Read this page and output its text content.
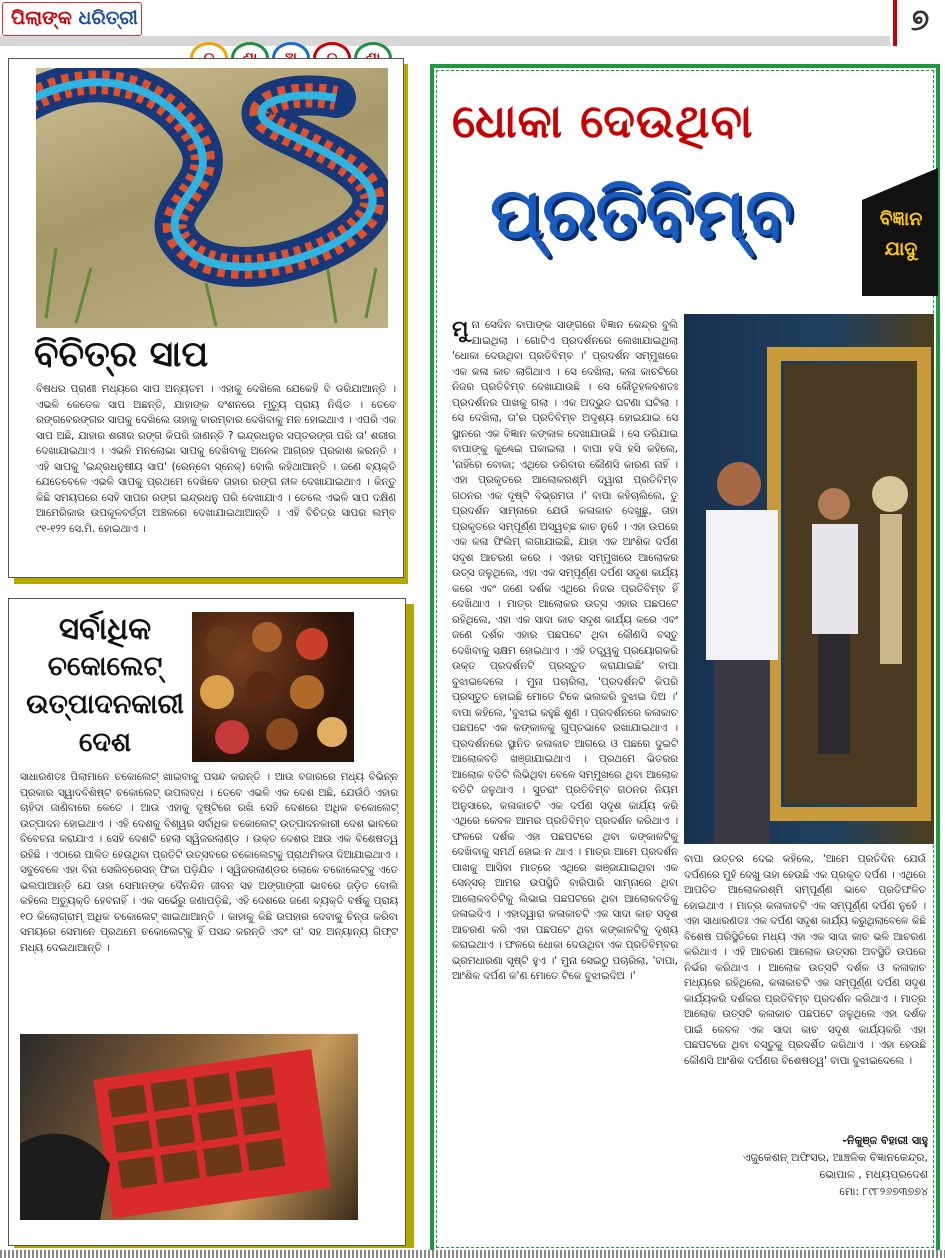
ପିଲାଙ୍କ ଧରିତ୍ରୀ	୭
ବିଚିତ୍ର ସାପ
ବିଷଧର ପ୍ରାଣୀ ମଧ୍ୟରେ ସାପ ଅନ୍ୟତମ । ଏହାକୁ ଦେଖିଲେ ଯେକେହି ବି ଡରିଯାଆନ୍ତି । ଏଭଳି କେତେକ ସାପ ଅଛନ୍ତି, ଯାହାଙ୍କ ଦଂଶନରେ ମୃତ୍ୟୁ ପ୍ରାୟ ନିଶ୍ଚିତ । ତେବେ ରଙ୍ଗବେରଙ୍ଗର ସାପକୁ ଦେଖିଲେ ତାହାକୁ ବାରମ୍ବାର ଦେଖିବାକୁ ମନ ହୋଇଥାଏ । ଏପରି ଏକ ସାପ ଅଛି, ଯାହାର ଶରୀର ରଙ୍ଗ କିପରି ଜାଣନ୍ତି ? ଇନ୍ଦ୍ରଧନୁର ସପ୍ତରଙ୍ଗ ପରି ତା' ଶରୀର ଦେଖାଯାଇଥାଏ । ଏଭଳି ମନଲୋଭା ସାପକୁ ଦେଖିବାକୁ ଅନେକ ଆଗ୍ରହ ପ୍ରକାଶ କରନ୍ତି । ଏହି ସାପକୁ 'ଇନ୍ଦ୍ରଧନୁଷୀୟ ସାପ' (ରେନ୍‌ବୋ ସ୍ନେକ୍) ବୋଲି କହିଥାଆନ୍ତି । ଜଣେ ବ୍ୟକ୍ତି ଯେତେବେଳେ ଏଭଳି ସାପକୁ ପ୍ରଥମେ ଦେଖିବେ ତାହାର ରଙ୍ଗ ନୀଳ ଦେଖାଯାଇଥାଏ । କିନ୍ତୁ କିଛି ସମୟପରେ ସେହି ସାପର ରଙ୍ଗ ଇନ୍ଦ୍ରଧନୁ ପରି ଦେଖାଯାଏ । ତେଲେ ଏଭଳି ସାପ ଦକ୍ଷିଣ ଆମେରିକାର ଉପକୂଳବର୍ତ୍ତୀ ଅଞ୍ଚଳରେ ଦେଖାଯାଇଥାଆନ୍ତି । ଏହି ବିଚିତ୍ର ସାପର ଲମ୍ବ ୯୧-୧୨୨ ସେ.ମି. ହୋଇଥାଏ ।
ସର୍ବାଧିକ
ଚକୋଲେଟ୍
ଉତ୍ପାଦନକାରୀ
ଦେଶ
ସାଧାରଣତଃ ପିଲାମାନେ ଚକୋଲେଟ୍ ଖାଇବାକୁ ପସନ୍ଦ କରନ୍ତି । ଆଉ ବଜାରରେ ମଧ୍ୟ ବିଭିନ୍ନ ପ୍ରକାର ସ୍ୱାଦବିଶିଷ୍ଟ ଚକୋଲେଟ୍ ଉପଲବ୍ଧ । ତେବେ ଏଭଳି ଏକ ଦେଶ ଅଛି, ଯେଉଁଠି ଏହାର ଚାହିଦା ଜାଣିବାରେ କେତେ । ଆଉ ଏହାକୁ ଦୃଷ୍ଟିରେ ରଖି ସେହି ଦେଶରେ ଅଧିକ ଚକୋଲେଟ୍ ଉତ୍ପାଦନ ହୋଇଥାଏ । ଏହି ଦେଶକୁ ବିଶ୍ୱର ସର୍ବାଧିକ ଚକୋଲେଟ୍ ଉତ୍ପାଦନକାରୀ ଦେଶ ଭାବରେ ବିବେଚନା କରାଯାଏ । ସେହି ଦେଶଟି ହେଲା ସ୍ୱିଜରଲାଣ୍ଡ । ଉକ୍ତ ଦେଶର ଆଉ ଏକ ବିଶେଷତ୍ୱ ରହିଛି । ଏଠାରେ ପାଳିତ ହେଉଥିବା ପ୍ରତିଟି ଉତ୍ସବରେ ଚକୋଲେଟ୍‌କୁ ପ୍ରାଥମିକତା ଦିଆଯାଇଥାଏ । ସବୁବେଳେ ଏହା ବିନା ସେଲିବ୍ରେସନ୍ ଫିକା ପଡ଼ିଯିବ । ସ୍ୱିଜରଲାଣ୍ଡର ଲୋକେ ଚକୋଲେଟ୍‌କୁ ଏତେ ଭଲପାଆନ୍ତି ଯେ ତାହା ସେମାନଙ୍କ ଦୈନନ୍ଦିନ ଜୀବନ ସହ ଅଙ୍ଗାଙ୍ଗୀ ଭାବରେ ଜଡ଼ିତ ବୋଲି କହିଲେ ଅତ୍ୟୁକ୍ତି ହେବନାହିଁ । ଏକ ସର୍ଭେରୁ ଜଣାପଡ଼ିଛି, ଏହି ଦେଶରେ ଜଣେ ବ୍ୟକ୍ତି ବର୍ଷକୁ ପ୍ରାୟ ୧୦ କିଲୋଗ୍ରାମ୍ ଅଧିକ ଚକୋଲେଟ୍ ଖାଇଥାଆନ୍ତି । କାହାକୁ କିଛି ଉପହାର ଦେବାକୁ ଚିନ୍ତା କରିବା ସମୟରେ ସେମାନେ ପ୍ରଥମେ ଚକୋଲେଟ୍‌କୁ ହିଁ ପସନ୍ଦ କରନ୍ତି ଏବଂ ତା' ସହ ଅନ୍ୟାନ୍ୟ ଗିଫ୍ଟ ମଧ୍ୟ ଦେଇଥାଆନ୍ତି ।
ଧୋକା ଦେଉଥିବା
ପ୍ରତିବିମ୍ବ	ବିଜ୍ଞାନ
ଯାଦୁ
ମୁନା ସେଦିନ ବାପାଙ୍କ ସାଙ୍ଗରେ ବିଜ୍ଞାନ କେନ୍ଦ୍ର ବୁଲି ଯାଇଥିଲା । ଗୋଟିଏ ପ୍ରଦର୍ଶନରେ ଲେଖାଯାଇଥିଲା 'ଧୋକା ଦେଉଥିବା ପ୍ରତିବିମ୍ବ ।' ପ୍ରଦର୍ଶନ ସମ୍ମୁଖରେ ଏକ କଳା କାଚ ଲାଗିଥାଏ । ସେ ଦେଖିଲା, କଳା କାଚଟିରେ ନିଜର ପ୍ରତିବିମ୍ବ ଦେଖାଯାଉଛି । ସେ କୌତୂହଳବଶତଃ ପ୍ରଦର୍ଶନର ପାଖକୁ ଗଲା । ଏକ ଅଦ୍ଭୁତ ଘଟଣା ଘଟିଲା । ସେ ଦେଖିଲା, ତା'ର ପ୍ରତିବିମ୍ବ ଅଦୃଶ୍ୟ ହୋଇଯାଇ ସେ ସ୍ଥାନରେ ଏକ ବିଜ୍ଞାନ କଙ୍କାଳ ଦେଖାଯାଉଛି । ସେ ଡରିଯାଇ ବାପାଙ୍କୁ କୁଣ୍ଢେଇ ପକାଇଲା । ବାପା ହସି ହସି କହିଲେ, 'ନାହିଁରେ ବୋକା; ଏଥିରେ ଡରିବାର କୌଣସି କାରଣ ନାହିଁ । ଏହା ପ୍ରକୃତରେ ଆଲୋକରଶ୍ମି ଦ୍ୱାରା ପ୍ରତିବିମ୍ବ ଗଠନର ଏକ ଦୃଷ୍ଟି ବିଭ୍ରମତା ।' ବାପା କହିଚାଲିଲେ, ତୁ ପ୍ରଦର୍ଶନ ସାମ୍ନାରେ ଯେଉଁ କଳାକାଚ ଦେଖୁଛୁ, ତାହା ପ୍ରକୃତରେ ସମ୍ପୂର୍ଣ୍ଣ ଅସ୍ୱଚ୍ଛ କାଚ ନୁହେଁ । ଏହା ଉପରେ ଏକ କଳା ଫିଲିମ୍ ଲଗାଯାଇଛି, ଯାହା ଏକ ଆଂଶିକ ଦର୍ପଣ ସଦୃଶ ଆଚରଣ କରେ । ଏହାର ସମ୍ମୁଖରେ ଆଲୋକର ଉତ୍ସ ଜଳୁଥିଲେ, ଏହା ଏକ ସମ୍ପୂର୍ଣ୍ଣ ଦର୍ପଣ ସଦୃଶ କାର୍ଯ୍ୟ କରେ ଏବଂ ଜଣେ ଦର୍ଶକ ଏଥିରେ ନିଜର ପ୍ରତିବିମ୍ବ ହିଁ ଦେଖିଥାଏ । ମାତ୍ର ଆଲୋକର ଉତ୍ସ ଏହାର ପଛପଟେ ରହିଥିଲେ, ଏହା ଏକ ସାଦା କାଚ ସଦୃଶ କାର୍ଯ୍ୟ କରେ ଏବଂ ଜଣେ ଦର୍ଶକ ଏହାର ପଛପଟେ ଥିବା କୌଣସି ବସ୍ତୁ ଦେଖିବାକୁ ସକ୍ଷମ ହୋଇଥାଏ । ଏହି ତତ୍ତ୍ୱକୁ ପ୍ରୟୋଗକରି ଉକ୍ତ ପ୍ରଦର୍ଶନଟି ପ୍ରସ୍ତୁତ କରାଯାଇଛି' ବାପା ବୁଝାଇଦେଲେ । ମୁନା ପଚାରିଲା, 'ପ୍ରଦର୍ଶନଟି କିପରି ପ୍ରସ୍ତୁତ ହୋଇଛି ମୋତେ ଟିକେ ଭଲକରି ବୁଝାଇ ଦିଅ ।' ବାପା କହିଲେ, 'ବୁଝାଇ କହୁଛି ଶୁଣ । ପ୍ରଦର୍ଶନରେ କଳାକାଚ ପଛପଟେ ଏକ କଙ୍କାଳକୁ ଗୁପ୍ତଭାବେ ରଖାଯାଇଥାଏ । ପ୍ରଦର୍ଶନରେ ସ୍ଥାନିତ କଳାକାଚ ଆଗରେ ଓ ପଛରେ ଦୁଇଟି ଆଲୋକବତି ଖଞ୍ଜାଯାଇଥାଏ । ପ୍ରଥମେ ଭିତରର ଆଲୋକ ବତିଟି ଲିଭିଥିବା ବେଳେ ସମ୍ମୁଖରେ ଥିବା ଆଲୋକ ବତିଟି ଜଳୁଥାଏ । ସୁତରାଂ ପ୍ରତିବିମ୍ବ ଗଠନର ନିୟମ ଅନୁସାରେ, କଳାକାଚଟି ଏକ ଦର୍ପଣ ସଦୃଶ କାର୍ଯ୍ୟ କରି ଏଥିରେ କେବଳ ଆମର ପ୍ରତିବିମ୍ବ ପ୍ରଦର୍ଶନ କରିଥାଏ । ଫଳରେ ଦର୍ଶକ ଏହା ପଛପଟରେ ଥିବା କଙ୍କାଳଟିକୁ ଦେଖିବାକୁ ସମର୍ଥ ହୋଇ ନ ଥାଏ । ମାତ୍ର ଆମେ ପ୍ରଦର୍ଶନ ପାଖକୁ ଆସିବା ମାତ୍ରେ ଏଥିରେ ଖଞ୍ଜାଯାଇଥିବା ଏକ ସେନ୍‌ସର୍ ଆମର ଉପସ୍ଥିତି ବାରିପାରି ସାମ୍ନାରେ ଥିବା ଆଲୋକବତିଟିକୁ ଲିଭାଇ ପଛପଟରେ ଥିବା ଆଲୋକବତିକୁ ଜଳାଇଦିଏ । ଏହାଦ୍ୱାରା କଳାକାଚଟି ଏକ ସାଦା କାଚ ସଦୃଶ ଆଚରଣ କରି ଏହା ପଛପଟେ ଥିବା କଙ୍କାଳଟିକୁ ଦୃଶ୍ୟ କରାଇଥାଏ । ଫଳରେ ଧୋକା ଦେଉଥିବା ଏକ ପ୍ରତିବିମ୍ବର ଭ୍ରମଧାରଣା ସୃଷ୍ଟି ହୁଏ ।' ମୁନା ସେଇଠୁ ପଚାରିଲା, 'ବାପା, ଆଂଶିକ ଦର୍ପଣ କ'ଣ ମୋତେ ଟିକେ ବୁଝାଇଦିଅ ।'
ବାପା ଉତ୍ତର ଦେଇ କହିଲେ, 'ଆମେ ପ୍ରତିଦିନ ଯେଉଁ ଦର୍ପଣରେ ମୁହଁ ଦେଖୁ ତାହା ହେଉଛି ଏକ ପ୍ରକୃତ ଦର୍ପଣ । ଏଥିରେ ଆପତିତ ଆଲୋକରଶ୍ମି ସମ୍ପୂର୍ଣ୍ଣ ଭାବେ ପ୍ରତିଫଳିତ ହୋଇଥାଏ । ମାତ୍ର କଳାକାଚଟି ଏକ ସମ୍ପୂର୍ଣ୍ଣ ଦର୍ପଣ ନୁହେଁ । ଏହା ସାଧାରଣତଃ ଏକ ଦର୍ପଣ ସଦୃଶ କାର୍ଯ୍ୟ କରୁଥିଲାବେଳେ କିଛି ବିଶେଷ ପରିସ୍ଥିତିରେ ମଧ୍ୟ ଏହା ଏକ ସାଦା କାଚ ଭଳି ଆଚରଣ କରିଥାଏ । ଏହି ଆଚରଣ ଆଲୋକ ଉତ୍ସର ଅବସ୍ଥିତି ଉପରେ ନିର୍ଭର କରିଥାଏ । ଆଲୋକ ଉତ୍ସଟି ଦର୍ଶକ ଓ କଳାକାଚ ମଧ୍ୟରେ ରହିଥିଲେ, କଳାକାଚଟି ଏକ ସମ୍ପୂର୍ଣ୍ଣ ଦର୍ପଣ ସଦୃଶ କାର୍ଯ୍ୟକରି ଦର୍ଶକର ପ୍ରତିବିମ୍ବ ପ୍ରଦର୍ଶନ କରିଥାଏ । ମାତ୍ର ଆଲୋକ ଉତ୍ସଟି କଳାକାଚ ପଛପଟେ ଜଳୁଥିଲେ ଏହା ଦର୍ଶକ ପାଇଁ କେବଳ ଏକ ସାଦା କାଚ ସଦୃଶ କାର୍ଯ୍ୟକରି ଏହା ପଛପଟରେ ଥିବା ବସ୍ତୁକୁ ପ୍ରଦର୍ଶିତ କରିଥାଏ । ଏହା ହେଉଛି କୌଣସି ଆଂଶିକ ଦର୍ପଣର ବିଶେଷତ୍ୱ' ବାପା ବୁଝାଇଦେଲେ ।
-ନିକୁଞ୍ଜ ବିହାରୀ ସାହୁ
ଏଜୁକେଶନ୍ ଅଫିସର, ଆଞ୍ଚଳିକ ବିଜ୍ଞାନକେନ୍ଦ୍ର,
ଭୋପାଳ , ମଧ୍ୟପ୍ରଦେଶ
ମୋ: ୮୯୮୨୬୭୩୭୭୪
